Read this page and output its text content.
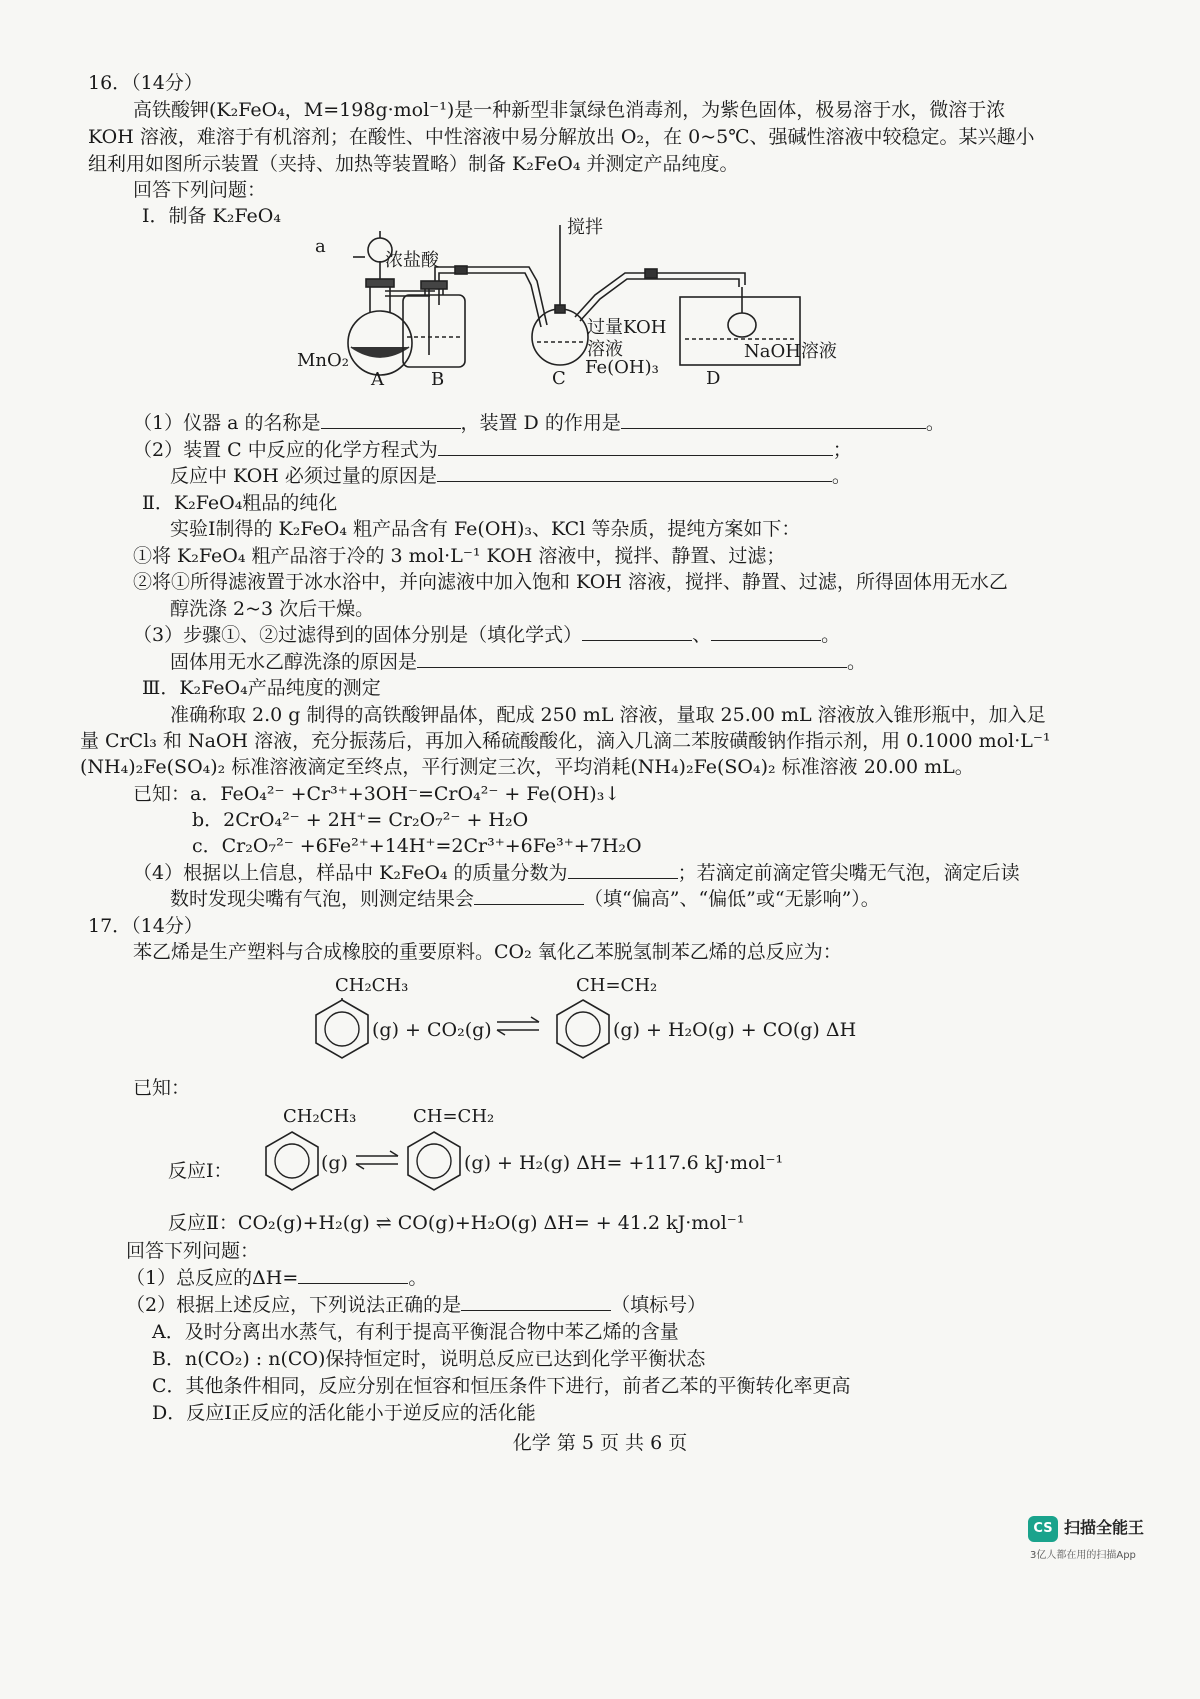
16．（14分）
高铁酸钾(K₂FeO₄，M=198g·mol⁻¹)是一种新型非氯绿色消毒剂，为紫色固体，极易溶于水，微溶于浓
KOH 溶液，难溶于有机溶剂；在酸性、中性溶液中易分解放出 O₂，在 0~5℃、强碱性溶液中较稳定。某兴趣小
组利用如图所示装置（夹持、加热等装置略）制备 K₂FeO₄ 并测定产品纯度。
回答下列问题：
Ⅰ．制备 K₂FeO₄
a
浓盐酸
搅拌
过量KOH
溶液
Fe(OH)₃
NaOH溶液
MnO₂
A	B	C	D
（1）仪器 a 的名称是	，装置 D 的作用是	。
（2）装置 C 中反应的化学方程式为	；
反应中 KOH 必须过量的原因是	。
Ⅱ．K₂FeO₄粗品的纯化
实验Ⅰ制得的 K₂FeO₄ 粗产品含有 Fe(OH)₃、KCl 等杂质，提纯方案如下：
①将 K₂FeO₄ 粗产品溶于冷的 3 mol·L⁻¹ KOH 溶液中，搅拌、静置、过滤；
②将①所得滤液置于冰水浴中，并向滤液中加入饱和 KOH 溶液，搅拌、静置、过滤，所得固体用无水乙
醇洗涤 2~3 次后干燥。
（3）步骤①、②过滤得到的固体分别是（填化学式）	、	。
固体用无水乙醇洗涤的原因是	。
Ⅲ．K₂FeO₄产品纯度的测定
准确称取 2.0 g 制得的高铁酸钾晶体，配成 250 mL 溶液，量取 25.00 mL 溶液放入锥形瓶中，加入足
量 CrCl₃ 和 NaOH 溶液，充分振荡后，再加入稀硫酸酸化，滴入几滴二苯胺磺酸钠作指示剂，用 0.1000 mol·L⁻¹
(NH₄)₂Fe(SO₄)₂ 标准溶液滴定至终点，平行测定三次，平均消耗(NH₄)₂Fe(SO₄)₂ 标准溶液 20.00 mL。
已知：a．FeO₄²⁻ +Cr³⁺+3OH⁻=CrO₄²⁻ + Fe(OH)₃↓
b．2CrO₄²⁻ + 2H⁺= Cr₂O₇²⁻ + H₂O
c．Cr₂O₇²⁻ +6Fe²⁺+14H⁺=2Cr³⁺+6Fe³⁺+7H₂O
（4）根据以上信息，样品中 K₂FeO₄ 的质量分数为	；若滴定前滴定管尖嘴无气泡，滴定后读
数时发现尖嘴有气泡，则测定结果会	（填“偏高”、“偏低”或“无影响”）。
17．（14分）
苯乙烯是生产塑料与合成橡胶的重要原料。CO₂ 氧化乙苯脱氢制苯乙烯的总反应为：
CH₂CH₃	CH=CH₂
(g) + CO₂(g) ⇌	(g) + H₂O(g) + CO(g) ΔH
已知：
CH₂CH₃	CH=CH₂
反应Ⅰ：	(g) ⇌	(g) + H₂(g) ΔH= +117.6 kJ·mol⁻¹
反应Ⅱ：CO₂(g)+H₂(g) ⇌ CO(g)+H₂O(g) ΔH= + 41.2 kJ·mol⁻¹
回答下列问题：
（1）总反应的ΔH=	。
（2）根据上述反应，下列说法正确的是	（填标号）
A．及时分离出水蒸气，有利于提高平衡混合物中苯乙烯的含量
B．n(CO₂) : n(CO)保持恒定时，说明总反应已达到化学平衡状态
C．其他条件相同，反应分别在恒容和恒压条件下进行，前者乙苯的平衡转化率更高
D．反应Ⅰ正反应的活化能小于逆反应的活化能
化学 第 5 页 共 6 页
CS 扫描全能王
3亿人都在用的扫描App
